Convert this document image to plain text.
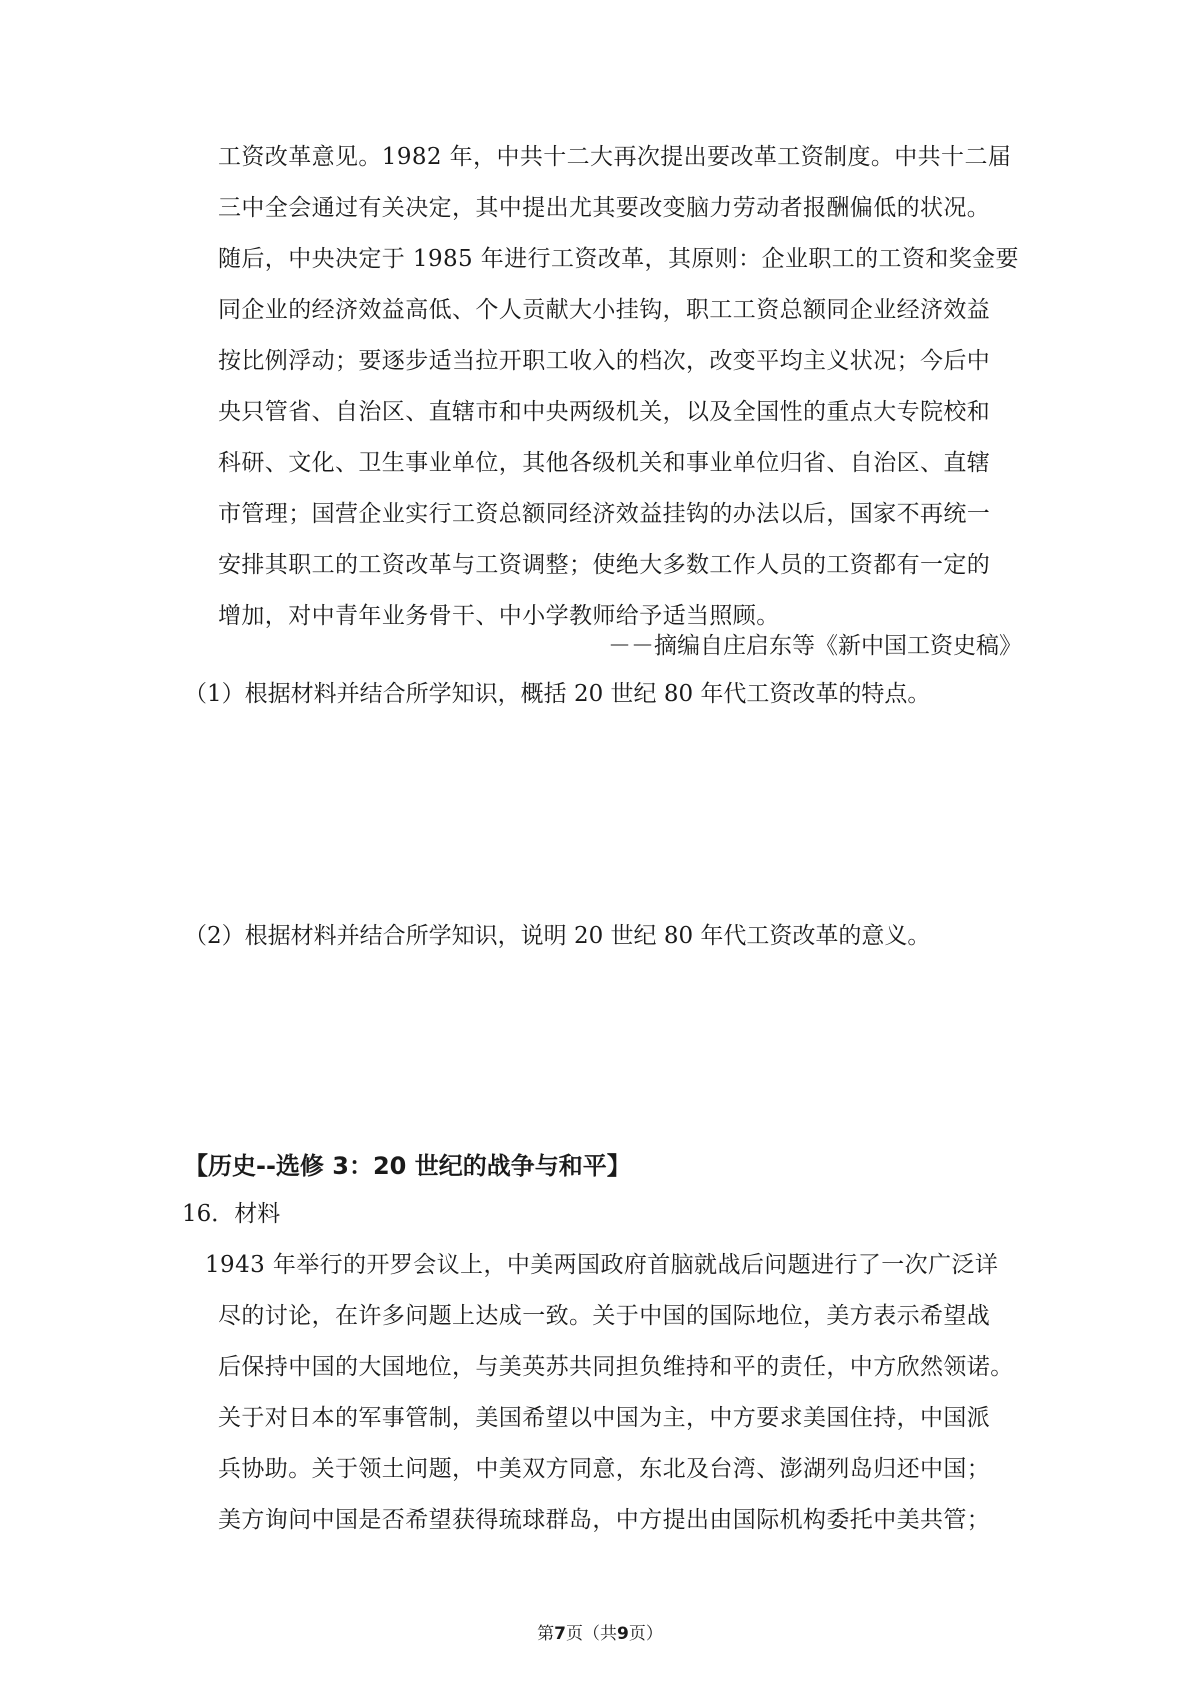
工资改革意见。1982 年，中共十二大再次提出要改革工资制度。中共十二届
三中全会通过有关决定，其中提出尤其要改变脑力劳动者报酬偏低的状况。
随后，中央决定于 1985 年进行工资改革，其原则：企业职工的工资和奖金要
同企业的经济效益高低、个人贡献大小挂钩，职工工资总额同企业经济效益
按比例浮动；要逐步适当拉开职工收入的档次，改变平均主义状况；今后中
央只管省、自治区、直辖市和中央两级机关，以及全国性的重点大专院校和
科研、文化、卫生事业单位，其他各级机关和事业单位归省、自治区、直辖
市管理；国营企业实行工资总额同经济效益挂钩的办法以后，国家不再统一
安排其职工的工资改革与工资调整；使绝大多数工作人员的工资都有一定的
增加，对中青年业务骨干、中小学教师给予适当照顾。
－－摘编自庄启东等《新中国工资史稿》
（1）根据材料并结合所学知识，概括 20 世纪 80 年代工资改革的特点。
（2）根据材料并结合所学知识，说明 20 世纪 80 年代工资改革的意义。
【历史--选修 3：20 世纪的战争与和平】
16．材料
1943 年举行的开罗会议上，中美两国政府首脑就战后问题进行了一次广泛详
尽的讨论，在许多问题上达成一致。关于中国的国际地位，美方表示希望战
后保持中国的大国地位，与美英苏共同担负维持和平的责任，中方欣然领诺。
关于对日本的军事管制，美国希望以中国为主，中方要求美国住持，中国派
兵协助。关于领土问题，中美双方同意，东北及台湾、澎湖列岛归还中国；
美方询问中国是否希望获得琉球群岛，中方提出由国际机构委托中美共管；
第7页（共9页）
